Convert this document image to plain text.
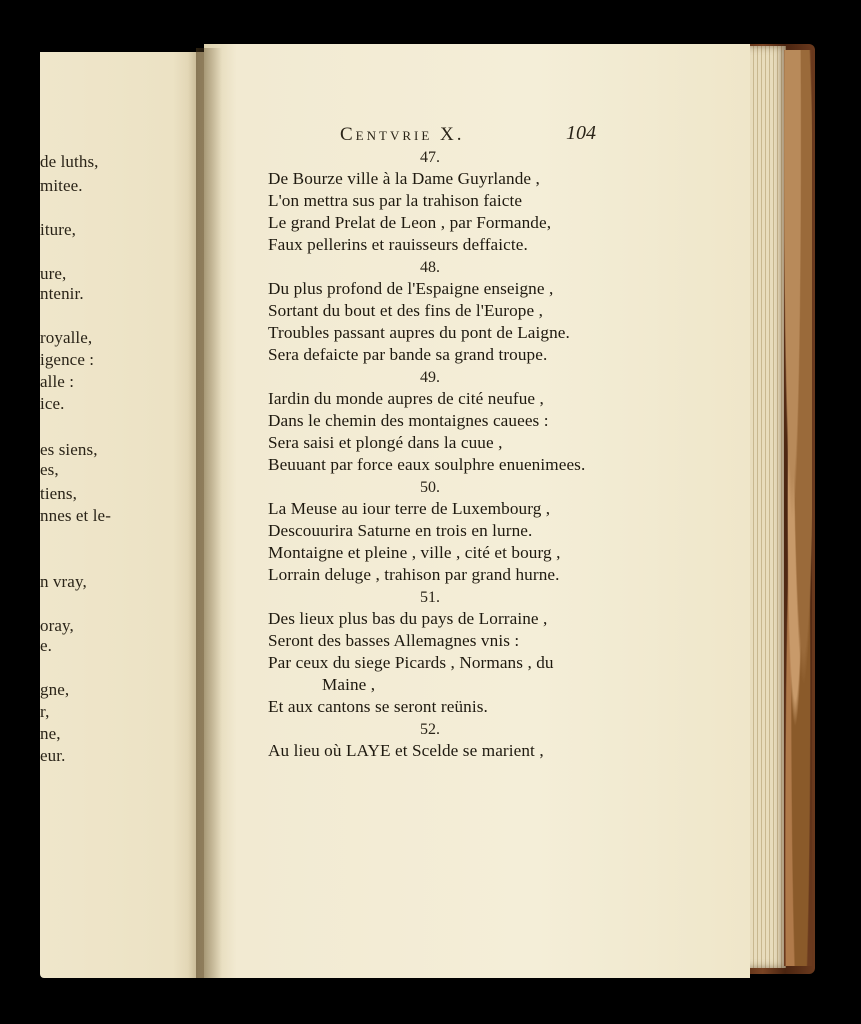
de luths,
mitee.
iture,
ure,
ntenir.
royalle,
igence :
alle :
ice.
es siens,
es,
tiens,
nnes et le-
n vray,
oray,
e.
gne,
r,
ne,
eur.
Centvrie X.	104
47.
De Bourze ville à la Dame Guyrlande ,
L'on mettra sus par la trahison faicte
Le grand Prelat de Leon , par Formande,
Faux pellerins et rauisseurs deffaicte.
48.
Du plus profond de l'Espaigne enseigne ,
Sortant du bout et des fins de l'Europe ,
Troubles passant aupres du pont de Laigne.
Sera defaicte par bande sa grand troupe.
49.
Iardin du monde aupres de cité neufue ,
Dans le chemin des montaignes cauees :
Sera saisi et plongé dans la cuue ,
Beuuant par force eaux soulphre enuenimees.
50.
La Meuse au iour terre de Luxembourg ,
Descouurira Saturne en trois en lurne.
Montaigne et pleine , ville , cité et bourg ,
Lorrain deluge , trahison par grand hurne.
51.
Des lieux plus bas du pays de Lorraine ,
Seront des basses Allemagnes vnis :
Par ceux du siege Picards , Normans , du
Maine ,
Et aux cantons se seront reünis.
52.
Au lieu où LAYE et Scelde se marient ,
